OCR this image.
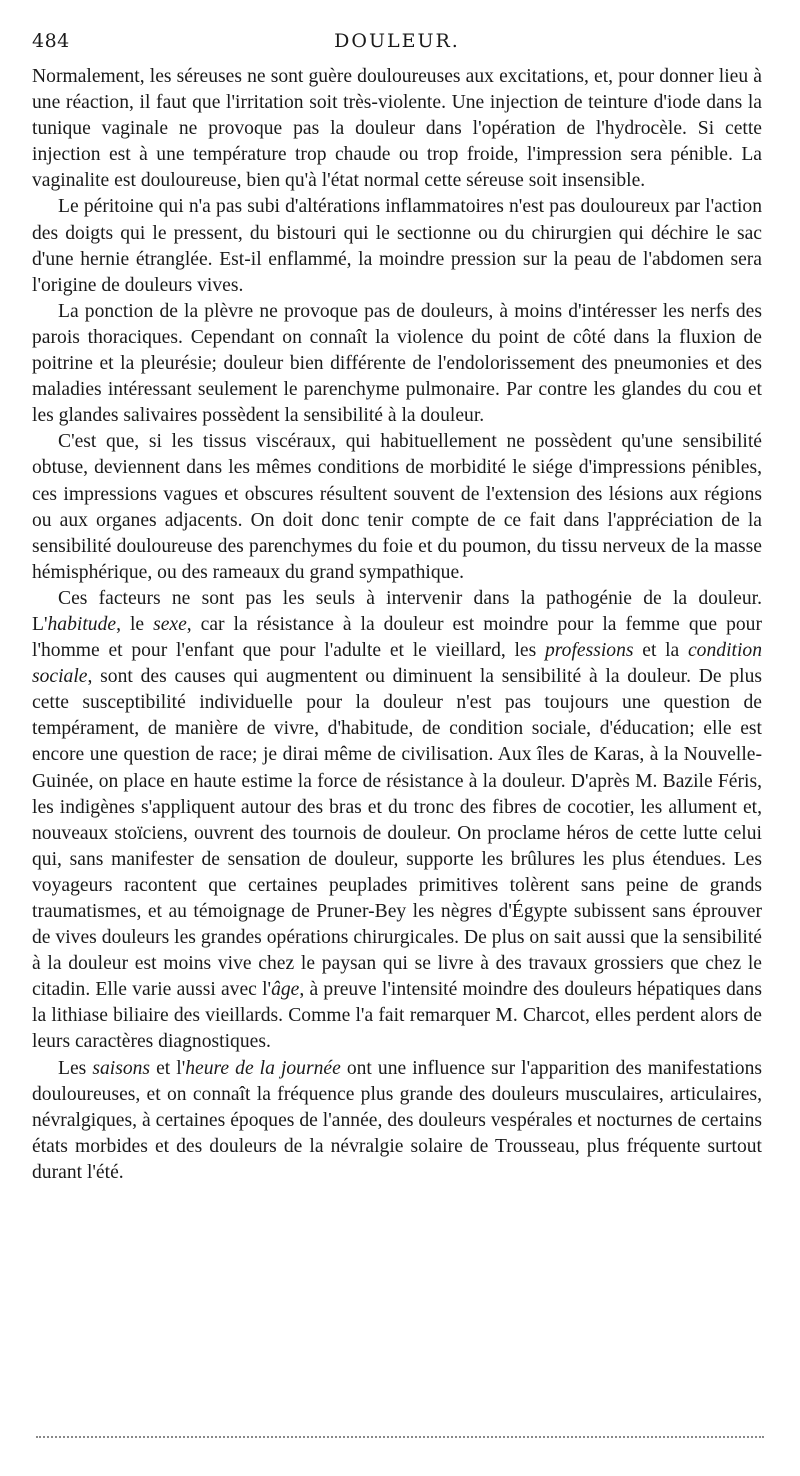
484	DOULEUR.

Normalement, les séreuses ne sont guère douloureuses aux excitations, et, pour donner lieu à une réaction, il faut que l'irritation soit très-violente. Une injection de teinture d'iode dans la tunique vaginale ne provoque pas la douleur dans l'opération de l'hydrocèle. Si cette injection est à une température trop chaude ou trop froide, l'impression sera pénible. La vaginalite est douloureuse, bien qu'à l'état normal cette séreuse soit insensible.

Le péritoine qui n'a pas subi d'altérations inflammatoires n'est pas douloureux par l'action des doigts qui le pressent, du bistouri qui le sectionne ou du chirurgien qui déchire le sac d'une hernie étranglée. Est-il enflammé, la moindre pression sur la peau de l'abdomen sera l'origine de douleurs vives.

La ponction de la plèvre ne provoque pas de douleurs, à moins d'intéresser les nerfs des parois thoraciques. Cependant on connaît la violence du point de côté dans la fluxion de poitrine et la pleurésie; douleur bien différente de l'endolorissement des pneumonies et des maladies intéressant seulement le parenchyme pulmonaire. Par contre les glandes du cou et les glandes salivaires possèdent la sensibilité à la douleur.

C'est que, si les tissus viscéraux, qui habituellement ne possèdent qu'une sensibilité obtuse, deviennent dans les mêmes conditions de morbidité le siége d'impressions pénibles, ces impressions vagues et obscures résultent souvent de l'extension des lésions aux régions ou aux organes adjacents. On doit donc tenir compte de ce fait dans l'appréciation de la sensibilité douloureuse des parenchymes du foie et du poumon, du tissu nerveux de la masse hémisphérique, ou des rameaux du grand sympathique.

Ces facteurs ne sont pas les seuls à intervenir dans la pathogénie de la douleur. L'habitude, le sexe, car la résistance à la douleur est moindre pour la femme que pour l'homme et pour l'enfant que pour l'adulte et le vieillard, les professions et la condition sociale, sont des causes qui augmentent ou diminuent la sensibilité à la douleur. De plus cette susceptibilité individuelle pour la douleur n'est pas toujours une question de tempérament, de manière de vivre, d'habitude, de condition sociale, d'éducation; elle est encore une question de race; je dirai même de civilisation. Aux îles de Karas, à la Nouvelle-Guinée, on place en haute estime la force de résistance à la douleur. D'après M. Bazile Féris, les indigènes s'appliquent autour des bras et du tronc des fibres de cocotier, les allument et, nouveaux stoïciens, ouvrent des tournois de douleur. On proclame héros de cette lutte celui qui, sans manifester de sensation de douleur, supporte les brûlures les plus étendues. Les voyageurs racontent que certaines peuplades primitives tolèrent sans peine de grands traumatismes, et au témoignage de Pruner-Bey les nègres d'Égypte subissent sans éprouver de vives douleurs les grandes opérations chirurgicales. De plus on sait aussi que la sensibilité à la douleur est moins vive chez le paysan qui se livre à des travaux grossiers que chez le citadin. Elle varie aussi avec l'âge, à preuve l'intensité moindre des douleurs hépatiques dans la lithiase biliaire des vieillards. Comme l'a fait remarquer M. Charcot, elles perdent alors de leurs caractères diagnostiques.

Les saisons et l'heure de la journée ont une influence sur l'apparition des manifestations douloureuses, et on connaît la fréquence plus grande des douleurs musculaires, articulaires, névralgiques, à certaines époques de l'année, des douleurs vespérales et nocturnes de certains états morbides et des douleurs de la névralgie solaire de Trousseau, plus fréquente surtout durant l'été.
